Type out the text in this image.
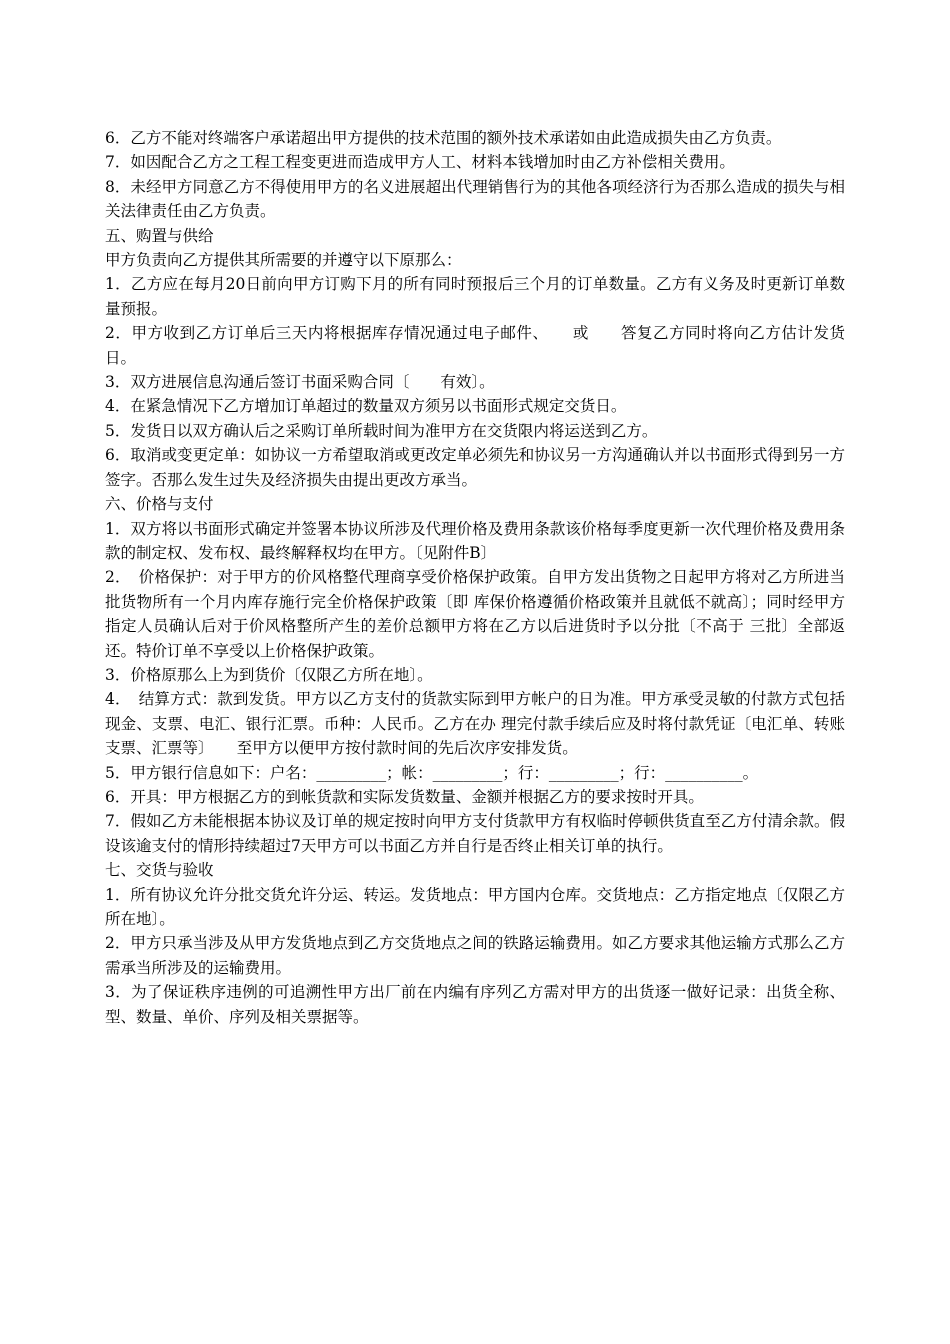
6．乙方不能对终端客户承诺超出甲方提供的技术范围的额外技术承诺如由此造成损失由乙方负责。

7．如因配合乙方之工程工程变更进而造成甲方人工、材料本钱增加时由乙方补偿相关费用。

8．未经甲方同意乙方不得使用甲方的名义进展超出代理销售行为的其他各项经济行为否那么造成的损失与相关法律责任由乙方负责。

五、购置与供给

甲方负责向乙方提供其所需要的并遵守以下原那么：

1．乙方应在每月20日前向甲方订购下月的所有同时预报后三个月的订单数量。乙方有义务及时更新订单数量预报。

2．甲方收到乙方订单后三天内将根据库存情况通过电子邮件、　　或　　答复乙方同时将向乙方估计发货日。

3．双方进展信息沟通后签订书面采购合同〔　　有效〕。

4．在紧急情况下乙方增加订单超过的数量双方须另以书面形式规定交货日。

5．发货日以双方确认后之采购订单所载时间为准甲方在交货限内将运送到乙方。

6．取消或变更定单：如协议一方希望取消或更改定单必须先和协议另一方沟通确认并以书面形式得到另一方签字。否那么发生过失及经济损失由提出更改方承当。

六、价格与支付

1．双方将以书面形式确定并签署本协议所涉及代理价格及费用条款该价格每季度更新一次代理价格及费用条款的制定权、发布权、最终解释权均在甲方。〔见附件B〕

2．　价格保护：对于甲方的价风格整代理商享受价格保护政策。自甲方发出货物之日起甲方将对乙方所进当批货物所有一个月内库存施行完全价格保护政策〔即 库保价格遵循价格政策并且就低不就高〕；同时经甲方指定人员确认后对于价风格整所产生的差价总额甲方将在乙方以后进货时予以分批〔不高于 三批〕全部返还。特价订单不享受以上价格保护政策。

3．价格原那么上为到货价〔仅限乙方所在地〕。

4．　结算方式：款到发货。甲方以乙方支付的货款实际到甲方帐户的日为准。甲方承受灵敏的付款方式包括现金、支票、电汇、银行汇票。币种：人民币。乙方在办 理完付款手续后应及时将付款凭证〔电汇单、转账支票、汇票等〕　　至甲方以便甲方按付款时间的先后次序安排发货。

5．甲方银行信息如下：户名：_________；帐：_________；行：_________；行：__________。

6．开具：甲方根据乙方的到帐货款和实际发货数量、金额并根据乙方的要求按时开具。

7．假如乙方未能根据本协议及订单的规定按时向甲方支付货款甲方有权临时停顿供货直至乙方付清余款。假设该逾支付的情形持续超过7天甲方可以书面乙方并自行是否终止相关订单的执行。

七、交货与验收

1．所有协议允许分批交货允许分运、转运。发货地点：甲方国内仓库。交货地点：乙方指定地点〔仅限乙方所在地〕。

2．甲方只承当涉及从甲方发货地点到乙方交货地点之间的铁路运输费用。如乙方要求其他运输方式那么乙方需承当所涉及的运输费用。

3．为了保证秩序违例的可追溯性甲方出厂前在内编有序列乙方需对甲方的出货逐一做好记录：出货全称、型、数量、单价、序列及相关票据等。
